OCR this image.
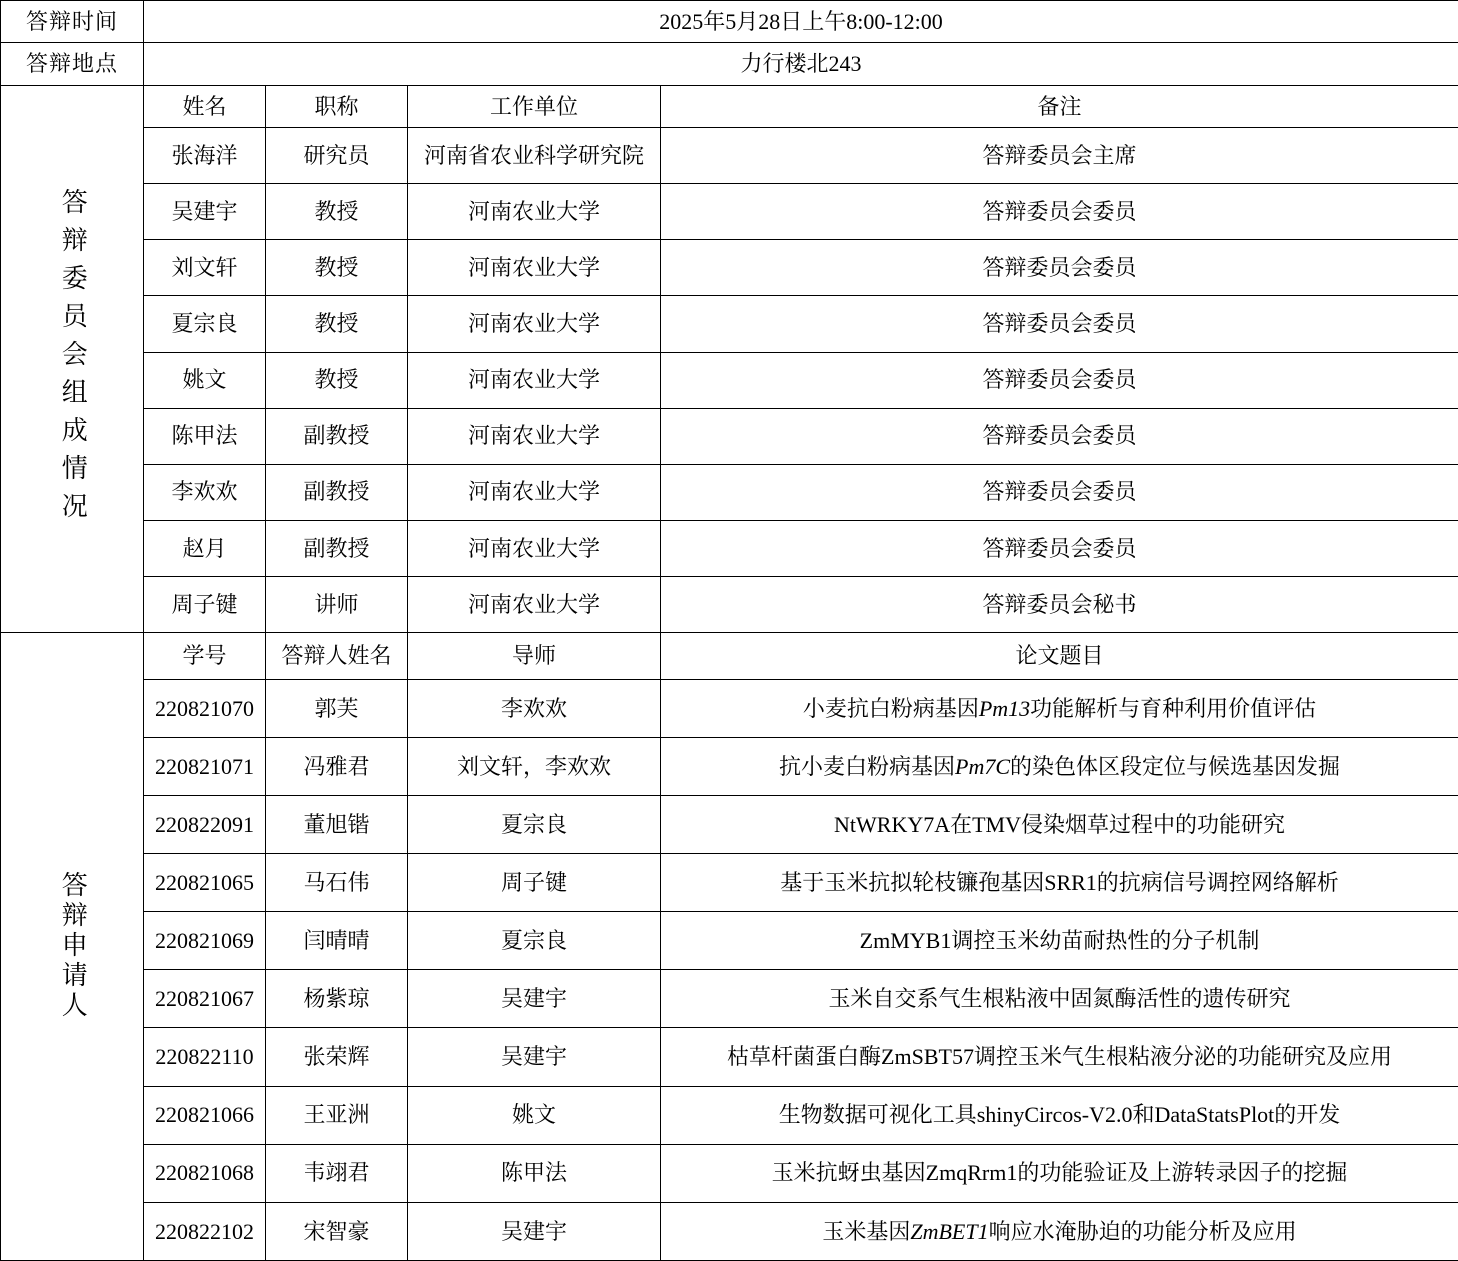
答辩时间	2025年5月28日上午8:00-12:00			
答辩地点	力行楼北243			

答辩委员会组成情况	姓名	职称	工作单位	备注
	张海洋	研究员	河南省农业科学研究院	答辩委员会主席
	吴建宇	教授	河南农业大学	答辩委员会委员
	刘文轩	教授	河南农业大学	答辩委员会委员
	夏宗良	教授	河南农业大学	答辩委员会委员
	姚文	教授	河南农业大学	答辩委员会委员
	陈甲法	副教授	河南农业大学	答辩委员会委员
	李欢欢	副教授	河南农业大学	答辩委员会委员
	赵月	副教授	河南农业大学	答辩委员会委员
	周子键	讲师	河南农业大学	答辩委员会秘书

答辩申请人	学号	答辩人姓名	导师	论文题目
	220821070	郭芙	李欢欢	小麦抗白粉病基因Pm13功能解析与育种利用价值评估
	220821071	冯雅君	刘文轩，李欢欢	抗小麦白粉病基因Pm7C的染色体区段定位与候选基因发掘
	220822091	董旭锴	夏宗良	NtWRKY7A在TMV侵染烟草过程中的功能研究
	220821065	马石伟	周子键	基于玉米抗拟轮枝镰孢基因SRR1的抗病信号调控网络解析
	220821069	闫晴晴	夏宗良	ZmMYB1调控玉米幼苗耐热性的分子机制
	220821067	杨紫琼	吴建宇	玉米自交系气生根粘液中固氮酶活性的遗传研究
	220822110	张荣辉	吴建宇	枯草杆菌蛋白酶ZmSBT57调控玉米气生根粘液分泌的功能研究及应用
	220821066	王亚洲	姚文	生物数据可视化工具shinyCircos-V2.0和DataStatsPlot的开发
	220821068	韦翊君	陈甲法	玉米抗蚜虫基因ZmqRrm1的功能验证及上游转录因子的挖掘
	220822102	宋智豪	吴建宇	玉米基因ZmBET1响应水淹胁迫的功能分析及应用
